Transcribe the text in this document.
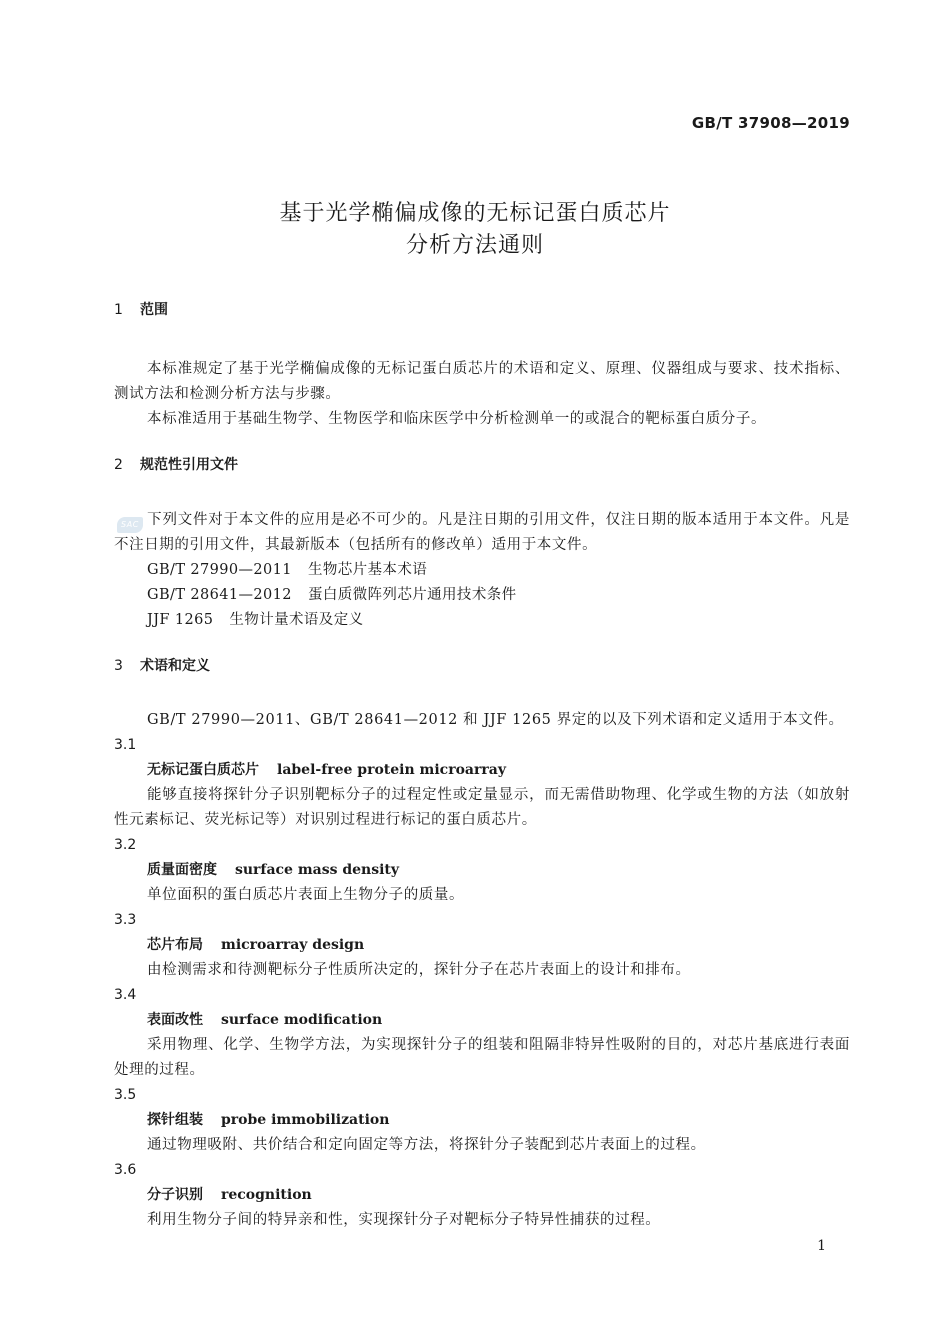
GB/T 37908—2019
基于光学椭偏成像的无标记蛋白质芯片
分析方法通则
1 范围
本标准规定了基于光学椭偏成像的无标记蛋白质芯片的术语和定义、原理、仪器组成与要求、技术指标、测试方法和检测分析方法与步骤。
本标准适用于基础生物学、生物医学和临床医学中分析检测单一的或混合的靶标蛋白质分子。
2 规范性引用文件
SAC 下列文件对于本文件的应用是必不可少的。凡是注日期的引用文件，仅注日期的版本适用于本文件。凡是不注日期的引用文件，其最新版本（包括所有的修改单）适用于本文件。
GB/T 27990—2011 生物芯片基本术语
GB/T 28641—2012 蛋白质微阵列芯片通用技术条件
JJF 1265 生物计量术语及定义
3 术语和定义
GB/T 27990—2011、GB/T 28641—2012 和 JJF 1265 界定的以及下列术语和定义适用于本文件。
3.1
无标记蛋白质芯片 label-free protein microarray
能够直接将探针分子识别靶标分子的过程定性或定量显示，而无需借助物理、化学或生物的方法（如放射性元素标记、荧光标记等）对识别过程进行标记的蛋白质芯片。
3.2
质量面密度 surface mass density
单位面积的蛋白质芯片表面上生物分子的质量。
3.3
芯片布局 microarray design
由检测需求和待测靶标分子性质所决定的，探针分子在芯片表面上的设计和排布。
3.4
表面改性 surface modification
采用物理、化学、生物学方法，为实现探针分子的组装和阻隔非特异性吸附的目的，对芯片基底进行表面处理的过程。
3.5
探针组装 probe immobilization
通过物理吸附、共价结合和定向固定等方法，将探针分子装配到芯片表面上的过程。
3.6
分子识别 recognition
利用生物分子间的特异亲和性，实现探针分子对靶标分子特异性捕获的过程。
1
